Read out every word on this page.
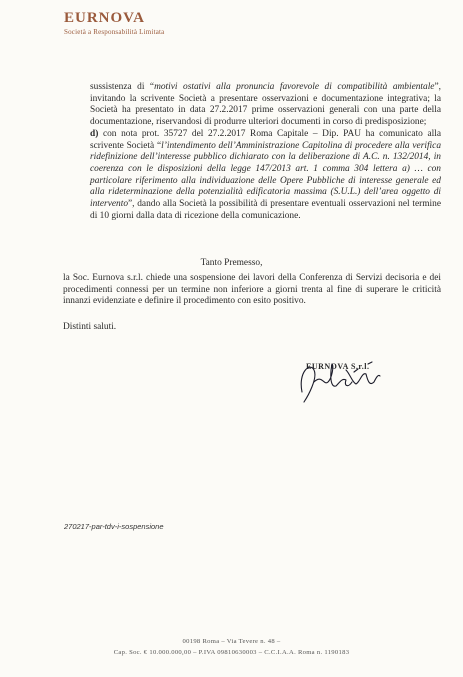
EURNOVA
Società a Responsabilità Limitata

sussistenza di “motivi ostativi alla pronuncia favorevole di compatibilità ambientale”, invitando la scrivente Società a presentare osservazioni e documentazione integrativa; la Società ha presentato in data 27.2.2017 prime osservazioni generali con una parte della documentazione, riservandosi di produrre ulteriori documenti in corso di predisposizione;

d) con nota prot. 35727 del 27.2.2017 Roma Capitale – Dip. PAU ha comunicato alla scrivente Società “l’intendimento dell’Amministrazione Capitolina di procedere alla verifica ridefinizione dell’interesse pubblico dichiarato con la deliberazione di A.C. n. 132/2014, in coerenza con le disposizioni della legge 147/2013 art. 1 comma 304 lettera a) … con particolare riferimento alla individuazione delle Opere Pubbliche di interesse generale ed alla rideterminazione della potenzialità edificatoria massima (S.U.L.) dell’area oggetto di intervento”, dando alla Società la possibilità di presentare eventuali osservazioni nel termine di 10 giorni dalla data di ricezione della comunicazione.

Tanto Premesso,
la Soc. Eurnova s.r.l. chiede una sospensione dei lavori della Conferenza di Servizi decisoria e dei procedimenti connessi per un termine non inferiore a giorni trenta al fine di superare le criticità innanzi evidenziate e definire il procedimento con esito positivo.
Distinti saluti.
EURNOVA S.r.l.
270217-par-tdv-i-sospensione
00198 Roma – Via Tevere n. 48 –
Cap. Soc. € 10.000.000,00 – P.IVA 09810630003 – C.C.I.A.A. Roma n. 1190183
